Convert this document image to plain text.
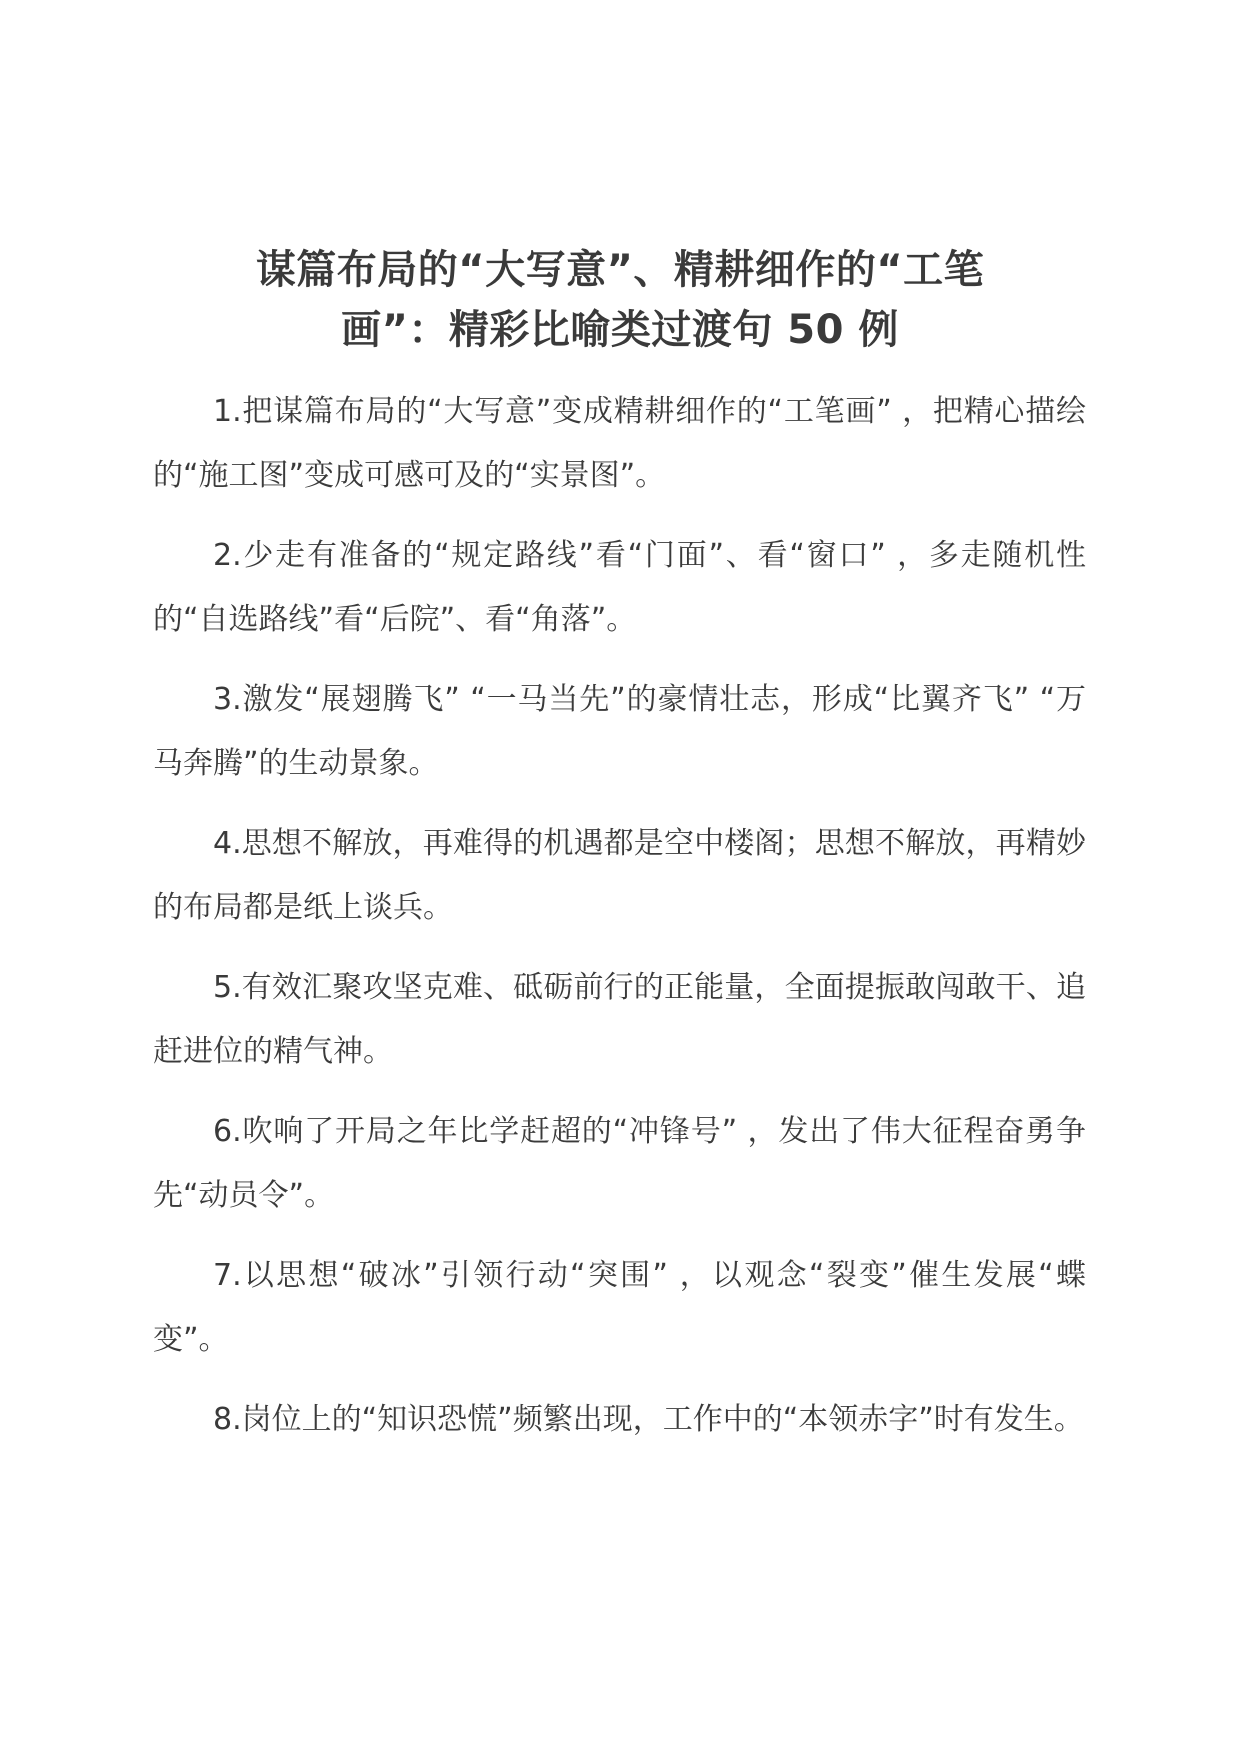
谋篇布局的“大写意”、精耕细作的“工笔
画”：精彩比喻类过渡句 50 例

1.把谋篇布局的“大写意”变成精耕细作的“工笔画” ，把精心描绘的“施工图”变成可感可及的“实景图”。

2.少走有准备的“规定路线”看“门面”、看“窗口” ，多走随机性的“自选路线”看“后院”、看“角落”。

3.激发“展翅腾飞” “一马当先”的豪情壮志，形成“比翼齐飞” “万马奔腾”的生动景象。

4.思想不解放，再难得的机遇都是空中楼阁；思想不解放，再精妙的布局都是纸上谈兵。

5.有效汇聚攻坚克难、砥砺前行的正能量，全面提振敢闯敢干、追赶进位的精气神。

6.吹响了开局之年比学赶超的“冲锋号” ，发出了伟大征程奋勇争先“动员令”。

7.以思想“破冰”引领行动“突围” ，以观念“裂变”催生发展“蝶变”。

8.岗位上的“知识恐慌”频繁出现，工作中的“本领赤字”时有发生。
